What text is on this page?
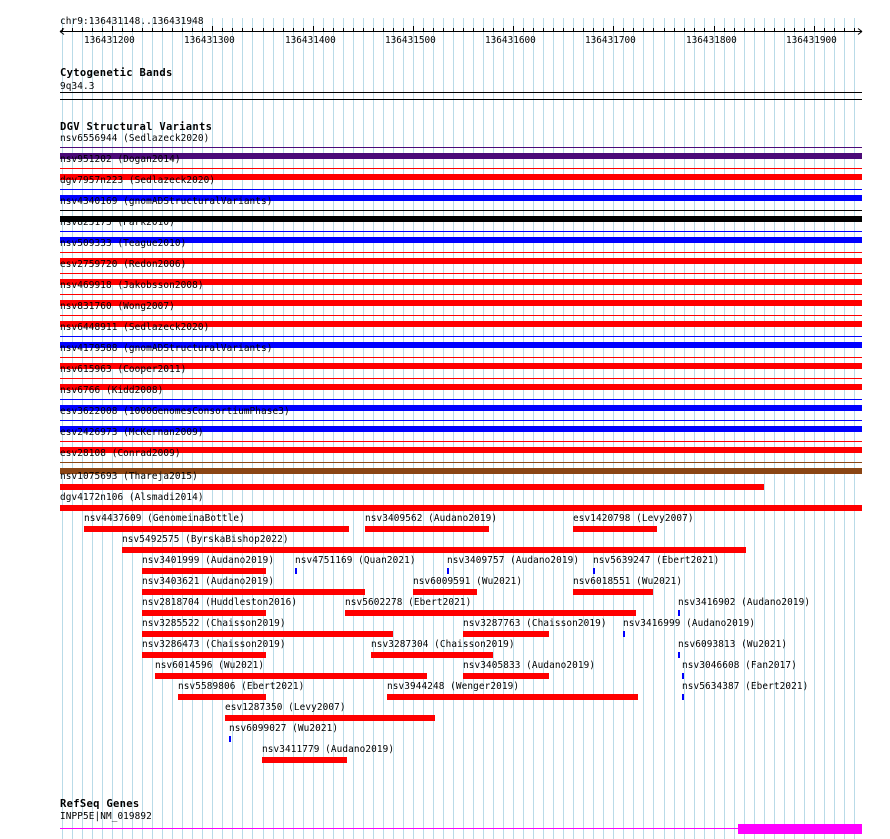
chr9:136431148..136431948
136431200	136431300	136431400	136431500	136431600	136431700	136431800	136431900
Cytogenetic Bands
9q34.3
DGV Structural Variants
nsv6556944 (Sedlazeck2020)
nsv951202 (Dogan2014)
dgv7957n223 (Sedlazeck2020)
nsv4340169 (gnomADStructuralVariants)
nsv825173 (Park2010)
nsv509333 (Teague2010)
esv2759720 (Redon2006)
nsv469918 (Jakobsson2008)
nsv831760 (Wong2007)
nsv6448911 (Sedlazeck2020)
nsv4179588 (gnomADStructuralVariants)
nsv615963 (Cooper2011)
nsv6766 (Kidd2008)
esv3622008 (1000GenomesConsortiumPhase3)
esv2426973 (McKernan2009)
esv28108 (Conrad2009)
nsv1075693 (Thareja2015)
dgv4172n106 (Alsmadi2014)
nsv4437609 (GenomeinaBottle)	nsv3409562 (Audano2019)	esv1420798 (Levy2007)
nsv5492575 (ByrskaBishop2022)
nsv3401999 (Audano2019) nsv4751169 (Quan2021)	nsv3409757 (Audano2019) nsv5639247 (Ebert2021)
nsv3403621 (Audano2019)	nsv6009591 (Wu2021)	nsv6018551 (Wu2021)
nsv2818704 (Huddleston2016)	nsv5602278 (Ebert2021)	nsv3416902 (Audano2019)
nsv3285522 (Chaisson2019)	nsv3287763 (Chaisson2019) nsv3416999 (Audano2019)
nsv3286473 (Chaisson2019)	nsv3287304 (Chaisson2019)	nsv6093813 (Wu2021)
nsv6014596 (Wu2021)	nsv3405833 (Audano2019)	nsv3046608 (Fan2017)
nsv5589806 (Ebert2021)	nsv3944248 (Wenger2019)	nsv5634387 (Ebert2021)
esv1287350 (Levy2007)
nsv6099027 (Wu2021)
nsv3411779 (Audano2019)
RefSeq Genes
INPP5E|NM_019892
